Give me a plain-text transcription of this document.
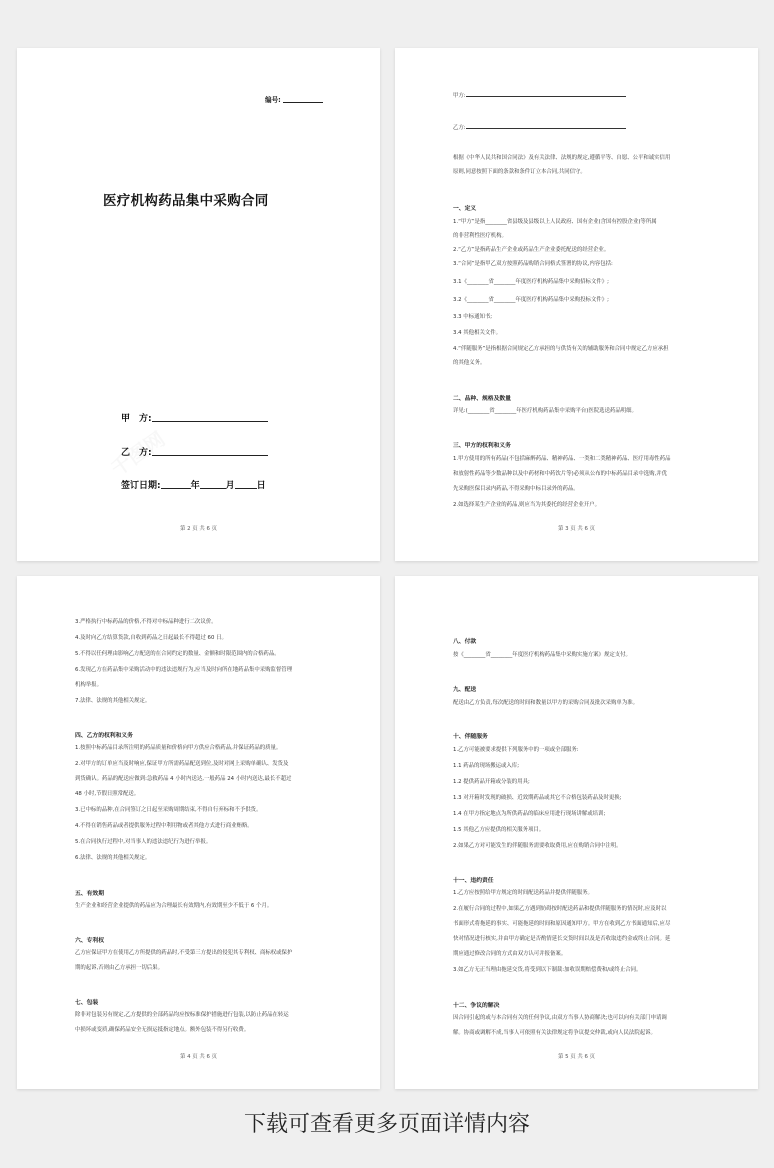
编号:
医疗机构药品集中采购合同
甲　方:
乙　方:
签订日期:	年	月 日
第 2 页 共 6 页
甲方:
乙方:
根据《中华人民共和国合同法》及有关法律、法规的规定,遵循平等、自愿、公平和诚实信用
原则,同意按照下面的条款和条件订立本合同,共同信守。
一、定义
1.“甲方”是指________省县级及县级以上人民政府、国有企业(含国有控股企业)等所属
的非营利性医疗机构。
2.“乙方”是指药品生产企业或药品生产企业委托配送的经营企业。
3.“合同”是指甲乙双方按照药品购销合同格式签署的协议,内容包括:
3.1《________省________年度医疗机构药品集中采购招标文件》;
3.2《________省________年度医疗机构药品集中采购投标文件》;
3.3 中标通知书;
3.4 其他相关文件。
4.“伴随服务”是指根据合同规定乙方承担的与供货有关的辅助服务和合同中规定乙方应承担
的其他义务。
二、品种、规格及数量
详见:(________省________年医疗机构药品集中采购平台)医院选送药品明细。
三、甲方的权利和义务
1.甲方使用的所有药品(不包括麻醉药品、精神药品、一类和二类精神药品、医疗用毒性药品
和放射性药品等少数品种以及中药材和中药饮片等)必须从公布的中标药品目录中选购,并优
先采购医保目录内药品,不得采购中标目录外的药品。
2.如选择某生产企业的药品,则应当为其委托的经营企业开户。
第 3 页 共 6 页
3.严格执行中标药品的价格,不得对中标品种进行二次议价。
4.及时向乙方结算货款,自收到药品之日起最长不得超过 60 日。
5.不得以任何理由影响乙方配送的在合同约定的数量、金额和时限范围内的合格药品。
6.发现乙方在药品集中采购活动中的违法违规行为,应当及时向所在地药品集中采购监督管理
机构举报。
7.法律、法规的其他相关规定。
四、乙方的权利和义务
1.按照中标药品目录所注明的药品质量和价格向甲方供应合格药品,并保证药品的质量。
2.对甲方的订单应当及时响应,保证甲方所需药品配送到位,及时对网上采购单确认、发货及
到货确认。药品的配送应做到:急救药品 4 小时内送达,一般药品 24 小时内送达,最长不超过
48 小时,节假日照常配送。
3.已中标的品种,在合同签订之日起至采购周期结束,不得自行弃标和不予供货。
4.不得在销售药品或者提供服务过程中利用物或者其他方式进行商业贿赂。
5.在合同执行过程中,对当事人的违法违纪行为进行举报。
6.法律、法规的其他相关规定。
五、有效期
生产企业和经营企业提供的药品应为合理最长有效期内,有效期至少不低于 6 个月。
六、专利权
乙方应保证甲方在使用乙方所提供的药品时,不受第三方提出的侵犯其专利权、商标权或保护
期的起诉,否则由乙方承担一切后果。
七、包装
除非对包装另有规定,乙方提供的全部药品均应按标准保护措施进行包装,以防止药品在转运
中损坏或变质,确保药品安全无损运抵指定地点。额外包装不得另行收费。
第 4 页 共 6 页
八、付款
按《________省________年度医疗机构药品集中采购实施方案》规定支付。
九、配送
配送由乙方负责,每次配送的时间和数量以甲方的采购合同及批次采购单为准。
十、伴随服务
1.乙方可能被要求提供下列服务中的一项或全部服务:
1.1 药品的现场搬运或入库;
1.2 提供药品开箱或分装的用具;
1.3 对开箱时发现的破损、近效期药品或其它不合格包装药品及时更换;
1.4 在甲方指定地点为所供药品的临床应用进行现场讲解或培训;
1.5 其他乙方应提供的相关服务项目。
2.如果乙方对可能发生的伴随服务需要收取费用,应在购销合同中注明。
十一、违约责任
1.乙方应按照给甲方规定的时间配送药品并提供伴随服务。
2.在履行合同的过程中,如果乙方遇到妨碍按时配送药品和提供伴随服务的情况时,应及时以
书面形式将拖延的事实、可能拖延的时间和原因通知甲方。甲方在收到乙方书面通知后,应尽
快对情况进行核实,并由甲方确定是否酌情延长交货时间以及是否收取违约金或终止合同。延
期应通过修改合同的方式由双方认可并报备案。
3.如乙方无正当理由拖延交货,将受到以下制裁:加收误期赔偿费和/或终止合同。
十二、争议的解决
因合同引起的或与本合同有关的任何争议,由双方当事人协商解决;也可以向有关部门申请调
解。协商或调解不成,当事人可依照有关法律规定将争议提交仲裁,或向人民法院起诉。
第 5 页 共 6 页
下载可查看更多页面详情内容
